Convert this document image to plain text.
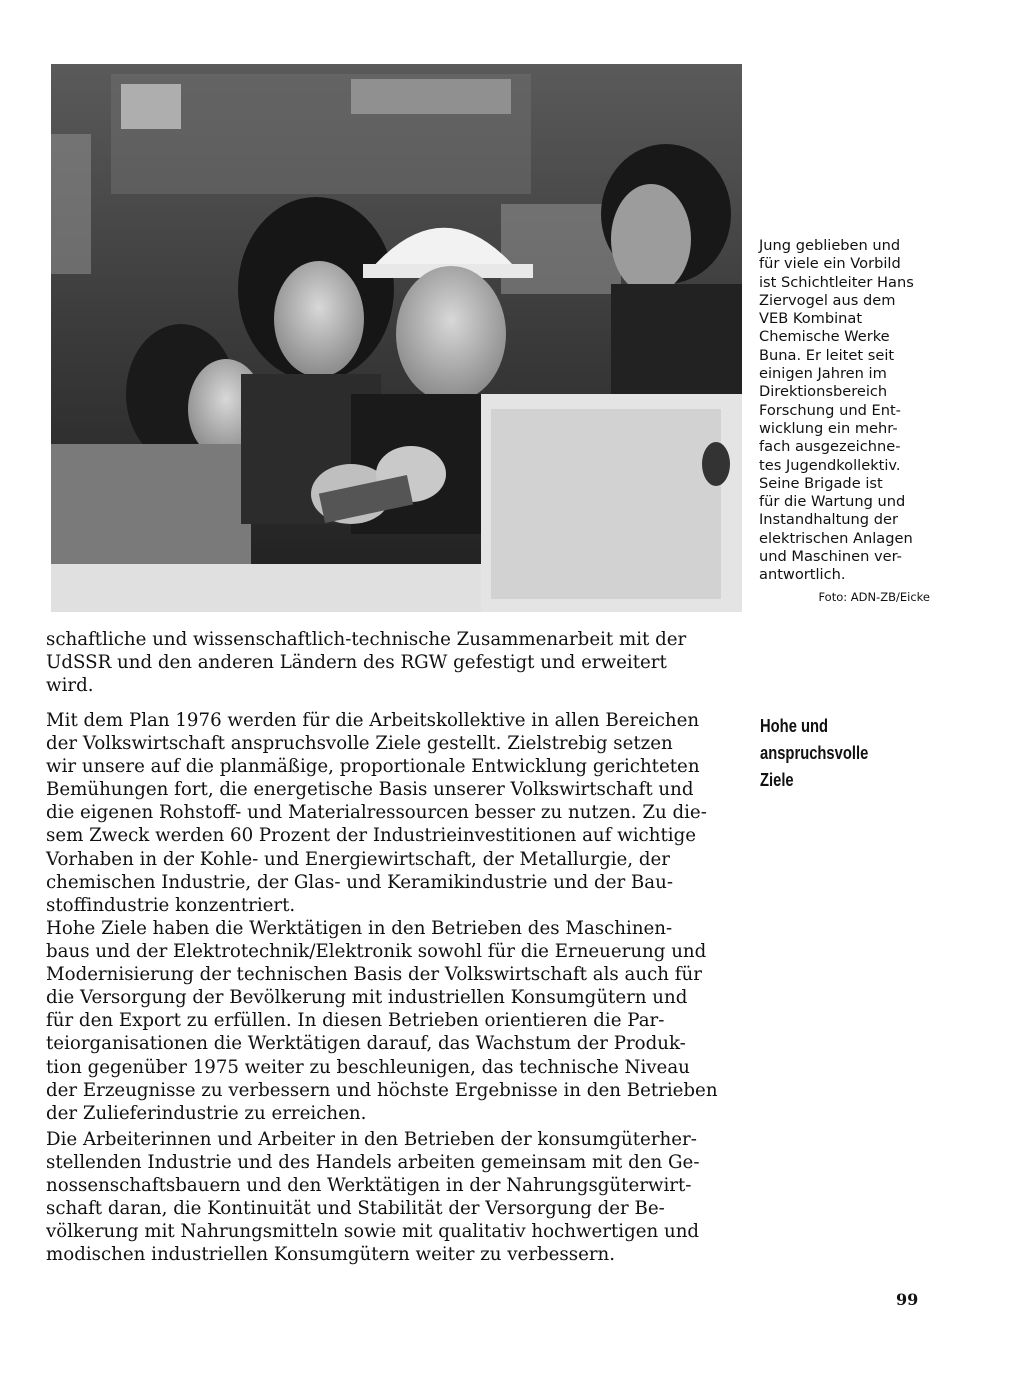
Jung geblieben und
für viele ein Vorbild
ist Schichtleiter Hans
Ziervogel aus dem
VEB Kombinat
Chemische Werke
Buna. Er leitet seit
einigen Jahren im
Direktionsbereich
Forschung und Ent-
wicklung ein mehr-
fach ausgezeichne-
tes Jugendkollektiv.
Seine Brigade ist
für die Wartung und
Instandhaltung der
elektrischen Anlagen
und Maschinen ver-
antwortlich.

Foto: ADN-ZB/Eicke

Hohe und
anspruchsvolle Ziele

schaftliche und wissenschaftlich-technische Zusammenarbeit mit der
UdSSR und den anderen Ländern des RGW gefestigt und erweitert
wird.

Mit dem Plan 1976 werden für die Arbeitskollektive in allen Bereichen
der Volkswirtschaft anspruchsvolle Ziele gestellt. Zielstrebig setzen
wir unsere auf die planmäßige, proportionale Entwicklung gerichteten
Bemühungen fort, die energetische Basis unserer Volkswirtschaft und
die eigenen Rohstoff- und Materialressourcen besser zu nutzen. Zu die-
sem Zweck werden 60 Prozent der Industrieinvestitionen auf wichtige
Vorhaben in der Kohle- und Energiewirtschaft, der Metallurgie, der
chemischen Industrie, der Glas- und Keramikindustrie und der Bau-
stoffindustrie konzentriert.

Hohe Ziele haben die Werktätigen in den Betrieben des Maschinen-
baus und der Elektrotechnik/Elektronik sowohl für die Erneuerung und
Modernisierung der technischen Basis der Volkswirtschaft als auch für
die Versorgung der Bevölkerung mit industriellen Konsumgütern und
für den Export zu erfüllen. In diesen Betrieben orientieren die Par-
teiorganisationen die Werktätigen darauf, das Wachstum der Produk-
tion gegenüber 1975 weiter zu beschleunigen, das technische Niveau
der Erzeugnisse zu verbessern und höchste Ergebnisse in den Betrieben
der Zulieferindustrie zu erreichen.

Die Arbeiterinnen und Arbeiter in den Betrieben der konsumgüterher-
stellenden Industrie und des Handels arbeiten gemeinsam mit den Ge-
nossenschaftsbauern und den Werktätigen in der Nahrungsgüterwirt-
schaft daran, die Kontinuität und Stabilität der Versorgung der Be-
völkerung mit Nahrungsmitteln sowie mit qualitativ hochwertigen und
modischen industriellen Konsumgütern weiter zu verbessern.

99
